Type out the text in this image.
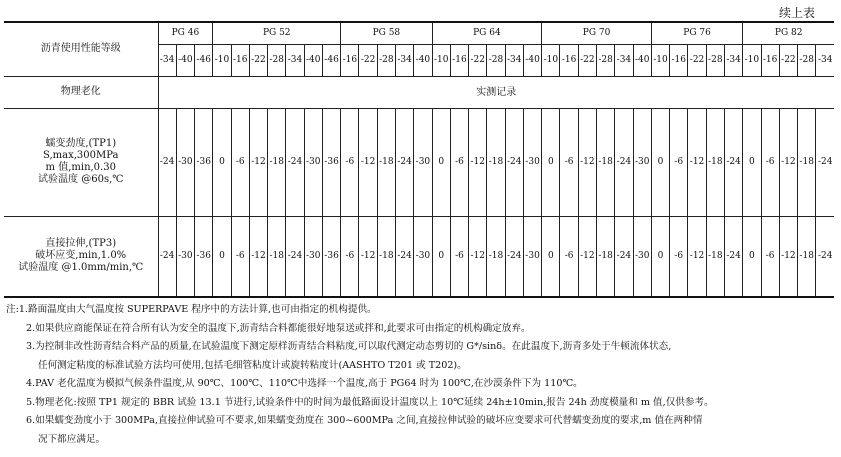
续上表
沥青使用性能等级	PG 46			PG 52							PG 58					PG 64						PG 70						PG 76					PG 82				
	-34	-40	-46	-10	-16	-22	-28	-34	-40	-46	-16	-22	-28	-34	-40	-10	-16	-22	-28	-34	-40	-10	-16	-22	-28	-34	-40	-10	-16	-22	-28	-34	-10	-16	-22	-28	-34
物理老化	实测记录																																				

蠕变劲度,(TP1)
S,max,300MPa
m 值,min,0.30
试验温度 @60s,℃	-24	-30	-36	0	-6	-12	-18	-24	-30	-36	-6	-12	-18	-24	-30	0	-6	-12	-18	-24	-30	0	-6	-12	-18	-24	-30	0	-6	-12	-18	-24	0	-6	-12	-18	-24

直接拉伸,(TP3)
破坏应变,min,1.0%
试验温度 @1.0mm/min,℃	-24	-30	-36	0	-6	-12	-18	-24	-30	-36	-6	-12	-18	-24	-30	0	-6	-12	-18	-24	-30	0	-6	-12	-18	-24	-30	0	-6	-12	-18	-24	0	-6	-12	-18	-24
注:1.路面温度由大气温度按 SUPERPAVE 程序中的方法计算,也可由指定的机构提供。
2.如果供应商能保证在符合所有认为安全的温度下,沥青结合料都能很好地泵送或拌和,此要求可由指定的机构确定放弃。
3.为控制非改性沥青结合料产品的质量,在试验温度下测定原样沥青结合料粘度,可以取代测定动态剪切的 G*/sinδ。在此温度下,沥青多处于牛顿流体状态,
任何测定粘度的标准试验方法均可使用,包括毛细管粘度计或旋转粘度计(AASHTO T201 或 T202)。
4.PAV 老化温度为模拟气候条件温度,从 90℃、100℃、110℃中选择一个温度,高于 PG64 时为 100℃,在沙漠条件下为 110℃。
5.物理老化:按照 TP1 规定的 BBR 试验 13.1 节进行,试验条件中的时间为最低路面设计温度以上 10℃延续 24h±10min,报告 24h 劲度模量和 m 值,仅供参考。
6.如果蠕变劲度小于 300MPa,直接拉伸试验可不要求,如果蠕变劲度在 300~600MPa 之间,直接拉伸试验的破坏应变要求可代替蠕变劲度的要求,m 值在两种情
况下都应满足。
